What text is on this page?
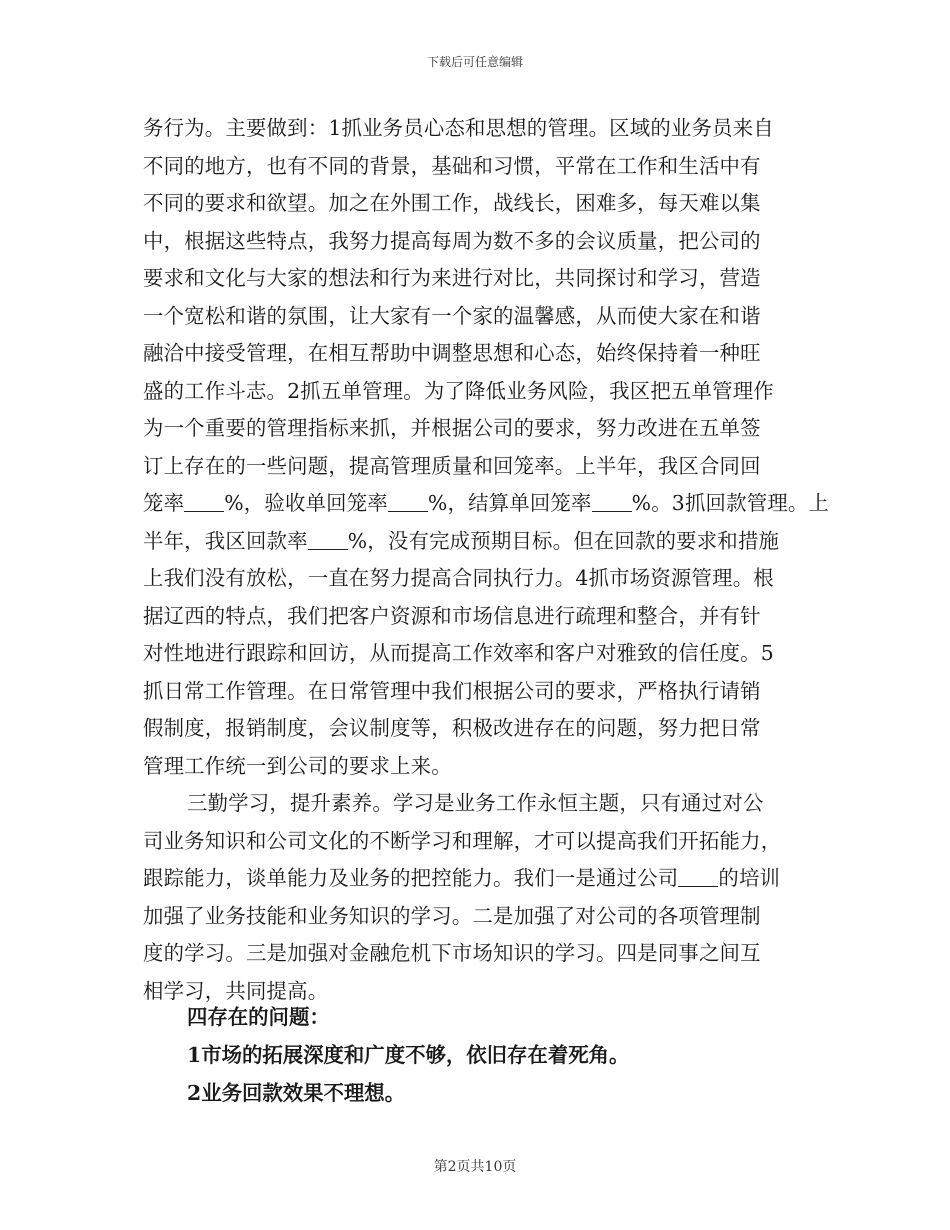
下载后可任意编辑
务行为。主要做到：1抓业务员心态和思想的管理。区域的业务员来自
不同的地方，也有不同的背景，基础和习惯，平常在工作和生活中有
不同的要求和欲望。加之在外围工作，战线长，困难多，每天难以集
中，根据这些特点，我努力提高每周为数不多的会议质量，把公司的
要求和文化与大家的想法和行为来进行对比，共同探讨和学习，营造
一个宽松和谐的氛围，让大家有一个家的温馨感，从而使大家在和谐
融洽中接受管理，在相互帮助中调整思想和心态，始终保持着一种旺
盛的工作斗志。2抓五单管理。为了降低业务风险，我区把五单管理作
为一个重要的管理指标来抓，并根据公司的要求，努力改进在五单签
订上存在的一些问题，提高管理质量和回笼率。上半年，我区合同回
笼率 %，验收单回笼率 %，结算单回笼率 %。3抓回款管理。上
半年，我区回款率 %，没有完成预期目标。但在回款的要求和措施
上我们没有放松，一直在努力提高合同执行力。4抓市场资源管理。根
据辽西的特点，我们把客户资源和市场信息进行疏理和整合，并有针
对性地进行跟踪和回访，从而提高工作效率和客户对雅致的信任度。5
抓日常工作管理。在日常管理中我们根据公司的要求，严格执行请销
假制度，报销制度，会议制度等，积极改进存在的问题，努力把日常
管理工作统一到公司的要求上来。
三勤学习，提升素养。学习是业务工作永恒主题，只有通过对公
司业务知识和公司文化的不断学习和理解，才可以提高我们开拓能力，
跟踪能力，谈单能力及业务的把控能力。我们一是通过公司 的培训
加强了业务技能和业务知识的学习。二是加强了对公司的各项管理制
度的学习。三是加强对金融危机下市场知识的学习。四是同事之间互
相学习，共同提高。
四存在的问题：
1市场的拓展深度和广度不够，依旧存在着死角。
2业务回款效果不理想。
第2页共10页
